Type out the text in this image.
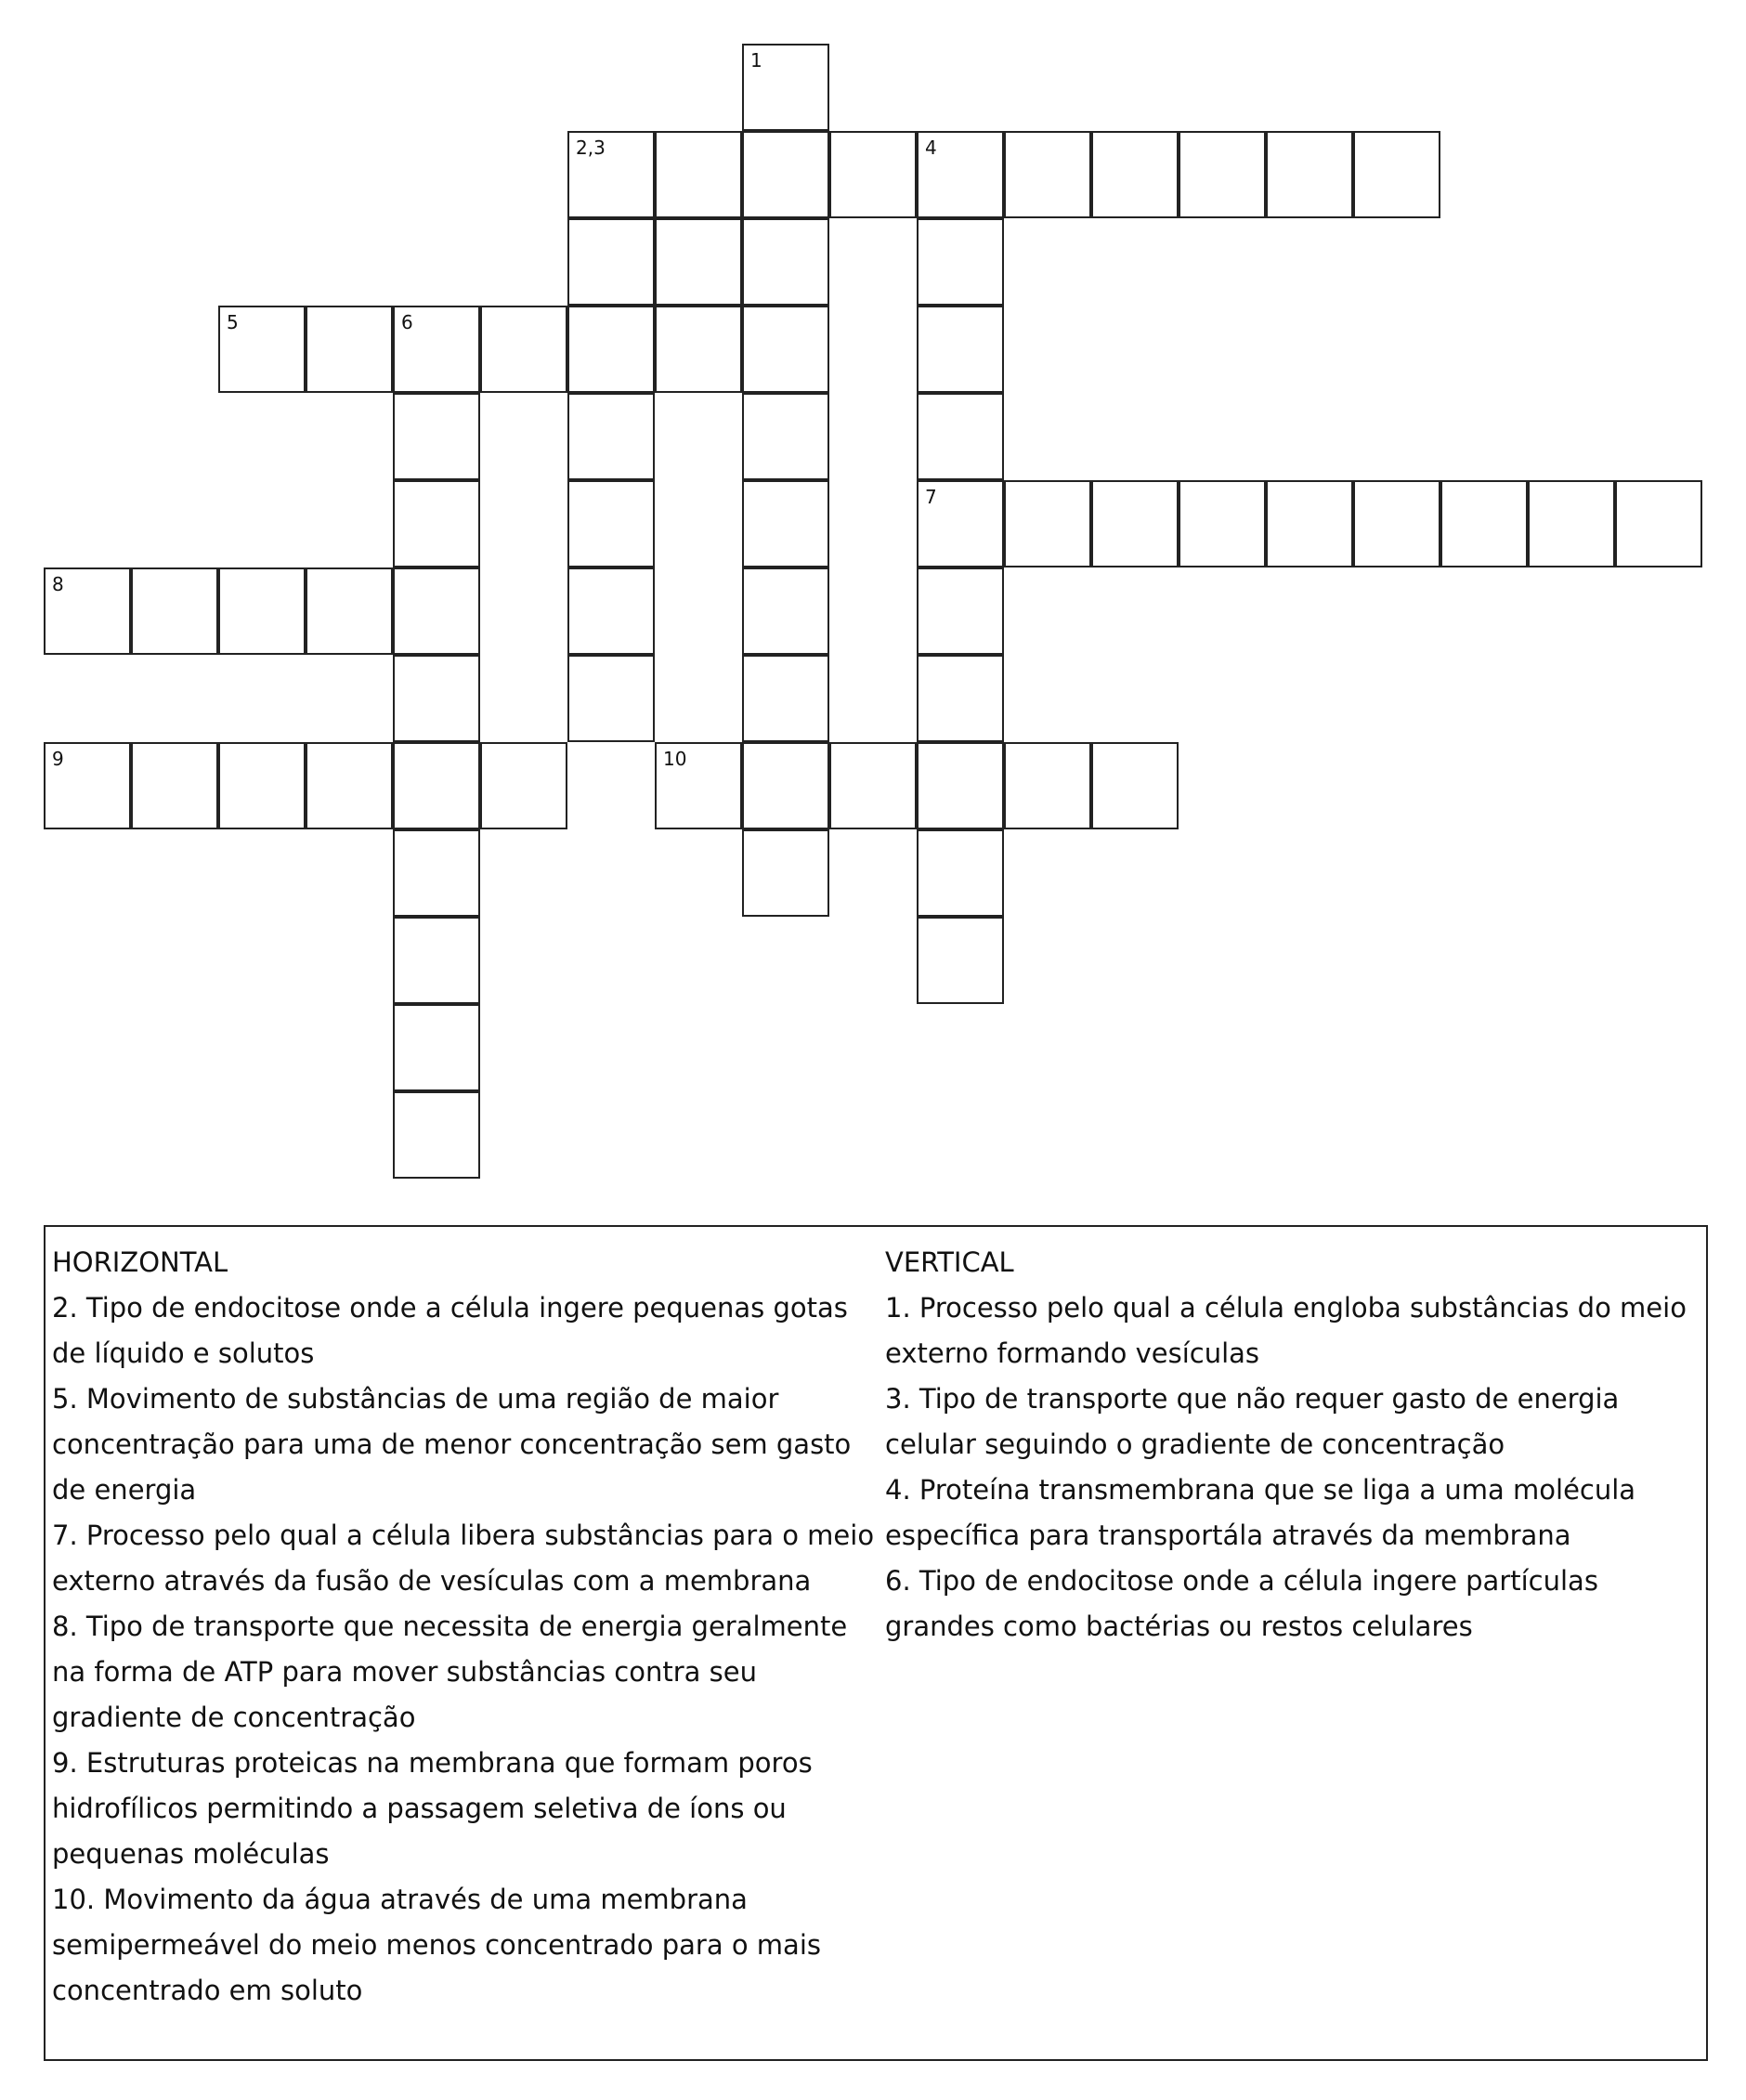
1
2,3	4
5	6
7
8
9	10

HORIZONTAL

2. Tipo de endocitose onde a célula ingere pequenas gotas de líquido e solutos

5. Movimento de substâncias de uma região de maior concentração para uma de menor concentração sem gasto de energia

7. Processo pelo qual a célula libera substâncias para o meio externo através da fusão de vesículas com a membrana

8. Tipo de transporte que necessita de energia geralmente na forma de ATP para mover substâncias contra seu gradiente de concentração

9. Estruturas proteicas na membrana que formam poros hidrofílicos permitindo a passagem seletiva de íons ou pequenas moléculas

10. Movimento da água através de uma membrana semipermeável do meio menos concentrado para o mais concentrado em soluto

VERTICAL

1. Processo pelo qual a célula engloba substâncias do meio externo formando vesículas

3. Tipo de transporte que não requer gasto de energia celular seguindo o gradiente de concentração

4. Proteína transmembrana que se liga a uma molécula específica para transportála através da membrana

6. Tipo de endocitose onde a célula ingere partículas grandes como bactérias ou restos celulares
